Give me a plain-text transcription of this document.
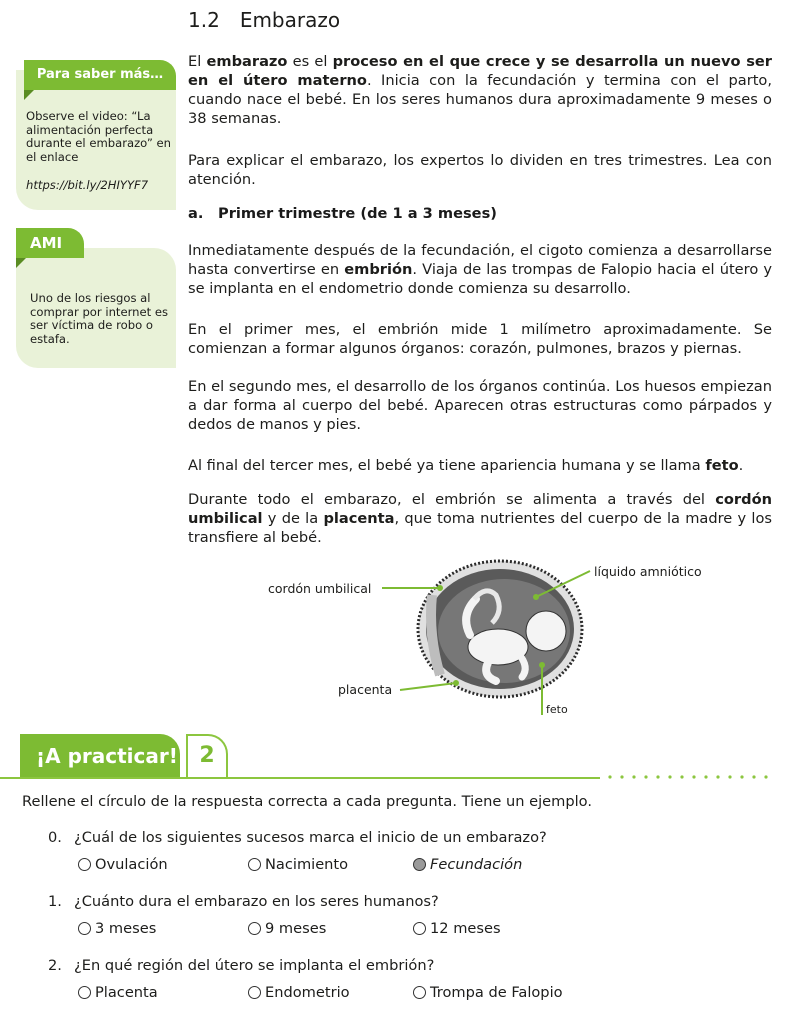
1.2 Embarazo
Para saber más…
Observe el video: “La alimentación perfecta durante el embarazo” en el enlace
https://bit.ly/2HIYYF7
AMI
Uno de los riesgos al comprar por internet es ser víctima de robo o estafa.
El embarazo es el proceso en el que crece y se desarrolla un nuevo ser en el útero materno. Inicia con la fecundación y termina con el parto, cuando nace el bebé. En los seres humanos dura aproximadamente 9 meses o 38 semanas.
Para explicar el embarazo, los expertos lo dividen en tres trimestres. Lea con atención.
a. Primer trimestre (de 1 a 3 meses)
Inmediatamente después de la fecundación, el cigoto comienza a desarrollarse hasta convertirse en embrión. Viaja de las trompas de Falopio hacia el útero y se implanta en el endometrio donde comienza su desarrollo.
En el primer mes, el embrión mide 1 milímetro aproximadamente. Se comienzan a formar algunos órganos: corazón, pulmones, brazos y piernas.
En el segundo mes, el desarrollo de los órganos continúa. Los huesos empiezan a dar forma al cuerpo del bebé. Aparecen otras estructuras como párpados y dedos de manos y pies.
Al final del tercer mes, el bebé ya tiene apariencia humana y se llama feto.
Durante todo el embarazo, el embrión se alimenta a través del cordón umbilical y de la placenta, que toma nutrientes del cuerpo de la madre y los transfiere al bebé.
cordón umbilical
líquido amniótico
placenta
feto
¡A practicar! 2
Rellene el círculo de la respuesta correcta a cada pregunta. Tiene un ejemplo.
0. ¿Cuál de los siguientes sucesos marca el inicio de un embarazo?
Ovulación	Nacimiento	Fecundación
1. ¿Cuánto dura el embarazo en los seres humanos?
3 meses	9 meses	12 meses
2. ¿En qué región del útero se implanta el embrión?
Placenta	Endometrio	Trompa de Falopio
